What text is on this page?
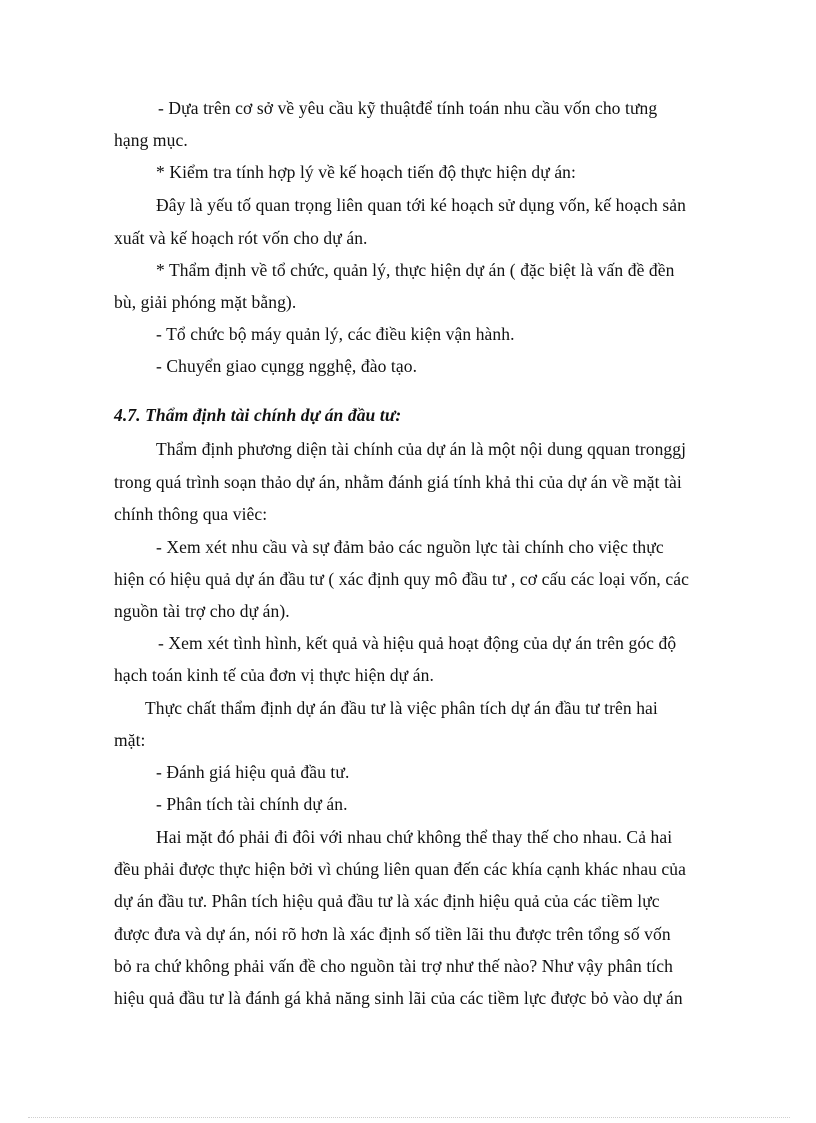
- Dựa trên cơ sở về yêu cầu kỹ thuậtđể tính toán nhu cầu vốn cho tưng
hạng mục.
* Kiểm tra tính hợp lý về kế hoạch tiến độ thực hiện dự án:
Đây là yếu tố quan trọng liên quan tới ké hoạch sử dụng vốn, kế hoạch sản
xuất và kế hoạch rót vốn cho dự án.
* Thẩm định về tổ chức, quản lý, thực hiện dự án ( đặc biệt là vấn đề đền
bù, giải phóng mặt bằng).
- Tổ chức bộ máy quản lý, các điều kiện vận hành.
- Chuyển giao cụngg ngghệ, đào tạo.
4.7. Thẩm định tài chính dự án đầu tư:
Thẩm định phương diện tài chính của dự án là một nội dung qquan tronggj
trong quá trình soạn thảo dự án, nhằm đánh giá tính khả thi của dự án về mặt tài
chính thông qua viêc:
- Xem xét nhu cầu và sự đảm bảo các nguồn lực tài chính cho việc thực
hiện có hiệu quả dự án đầu tư ( xác định quy mô đầu tư , cơ cấu các loại vốn, các
nguồn tài trợ cho dự án).
- Xem xét tình hình, kết quả và hiệu quả hoạt động của dự án trên góc độ
hạch toán kinh tế của đơn vị thực hiện dự án.
Thực chất thẩm định dự án đầu tư là việc phân tích dự án đầu tư trên hai
mặt:
- Đánh giá hiệu quả đầu tư.
- Phân tích tài chính dự án.
Hai mặt đó phải đi đôi với nhau chứ không thể thay thế cho nhau. Cả hai
đều phải được thực hiện bởi vì chúng liên quan đến các khía cạnh khác nhau của
dự án đầu tư. Phân tích hiệu quả đầu tư là xác định hiệu quả của các tiềm lực
được đưa và dự án, nói rõ hơn là xác định số tiền lãi thu được trên tổng số vốn
bỏ ra chứ không phải vấn đề cho nguồn tài trợ như thế nào? Như vậy phân tích
hiệu quả đầu tư là đánh gá khả năng sinh lãi của các tiềm lực được bỏ vào dự án
